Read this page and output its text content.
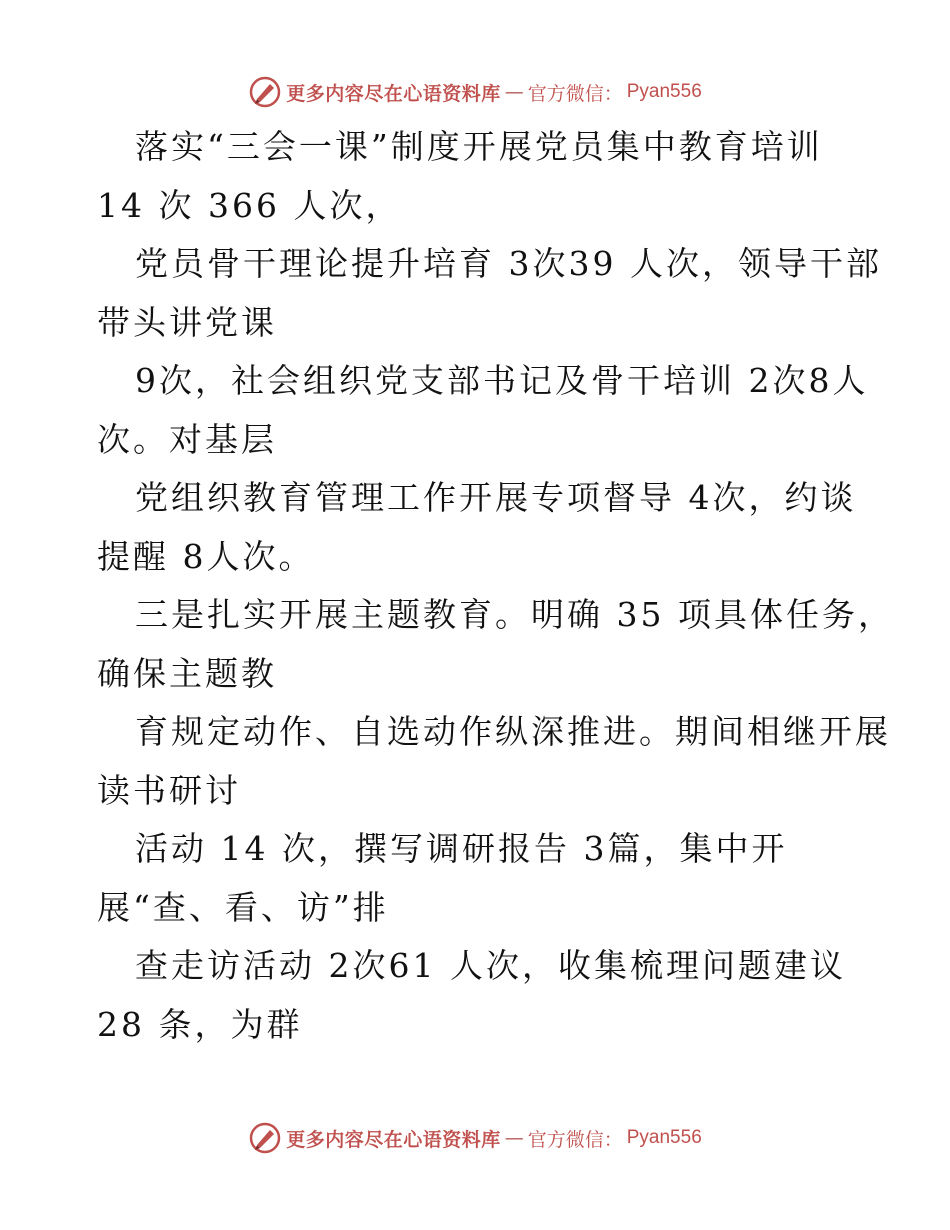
更多内容尽在心语资料库 — 官方微信： Pyan556
落实“三会一课”制度开展党员集中教育培训
14 次 366 人次，
党员骨干理论提升培育 3次39 人次，领导干部
带头讲党课
9次，社会组织党支部书记及骨干培训 2次8人
次。对基层
党组织教育管理工作开展专项督导 4次，约谈
提醒 8人次。
三是扎实开展主题教育。明确 35 项具体任务，
确保主题教
育规定动作、自选动作纵深推进。期间相继开展
读书研讨
活动 14 次，撰写调研报告 3篇，集中开
展“查、看、访”排
查走访活动 2次61 人次，收集梳理问题建议
28 条，为群
更多内容尽在心语资料库 — 官方微信： Pyan556
